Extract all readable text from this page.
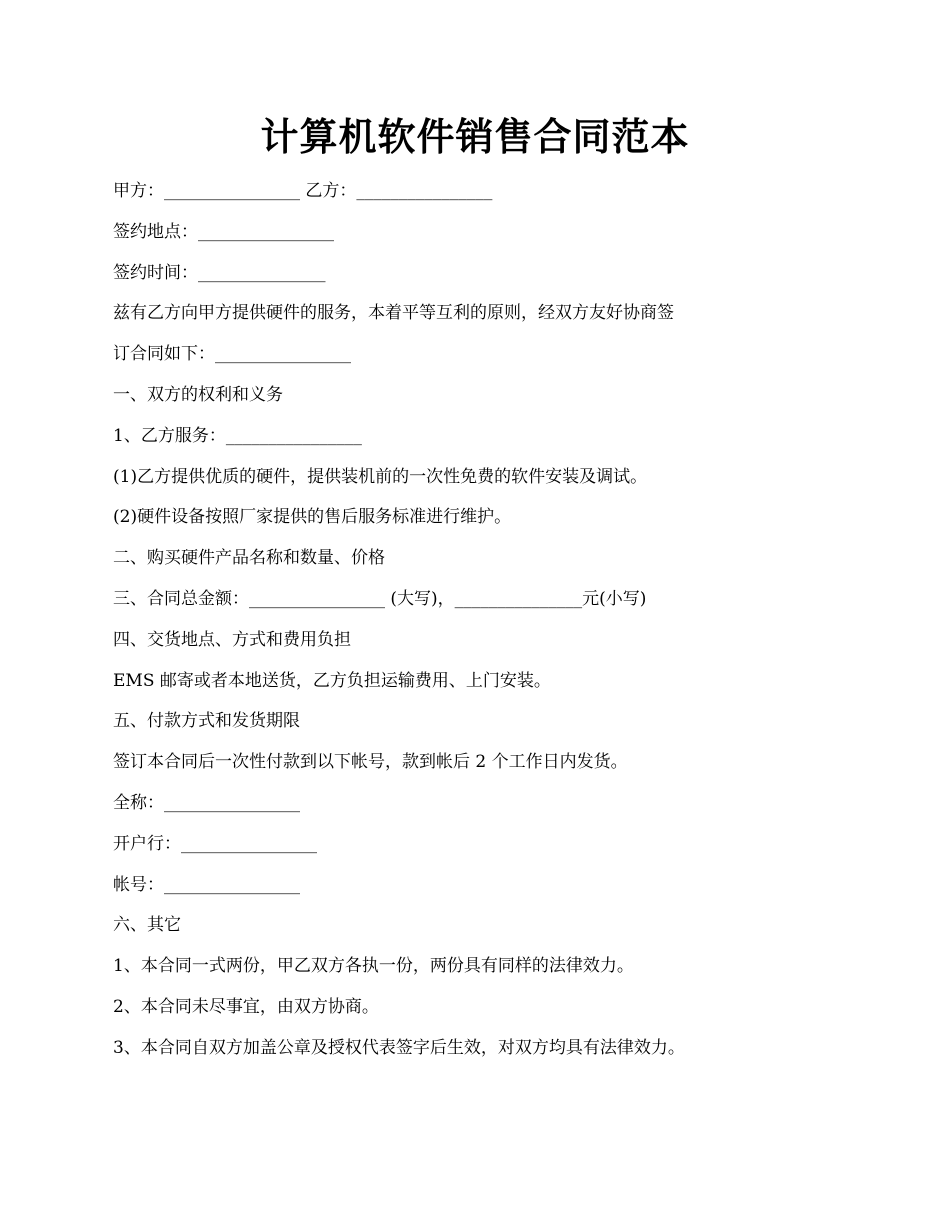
计算机软件销售合同范本
甲方：________________ 乙方：________________
签约地点：________________
签约时间：_______________
兹有乙方向甲方提供硬件的服务，本着平等互利的原则，经双方友好协商签
订合同如下：________________
一、双方的权利和义务
1、乙方服务：________________
(1)乙方提供优质的硬件，提供装机前的一次性免费的软件安装及调试。
(2)硬件设备按照厂家提供的售后服务标准进行维护。
二、购买硬件产品名称和数量、价格
三、合同总金额：________________ (大写)，_______________元(小写)
四、交货地点、方式和费用负担
EMS 邮寄或者本地送货，乙方负担运输费用、上门安装。
五、付款方式和发货期限
签订本合同后一次性付款到以下帐号，款到帐后 2 个工作日内发货。
全称：________________
开户行：________________
帐号：________________
六、其它
1、本合同一式两份，甲乙双方各执一份，两份具有同样的法律效力。
2、本合同未尽事宜，由双方协商。
3、本合同自双方加盖公章及授权代表签字后生效，对双方均具有法律效力。
